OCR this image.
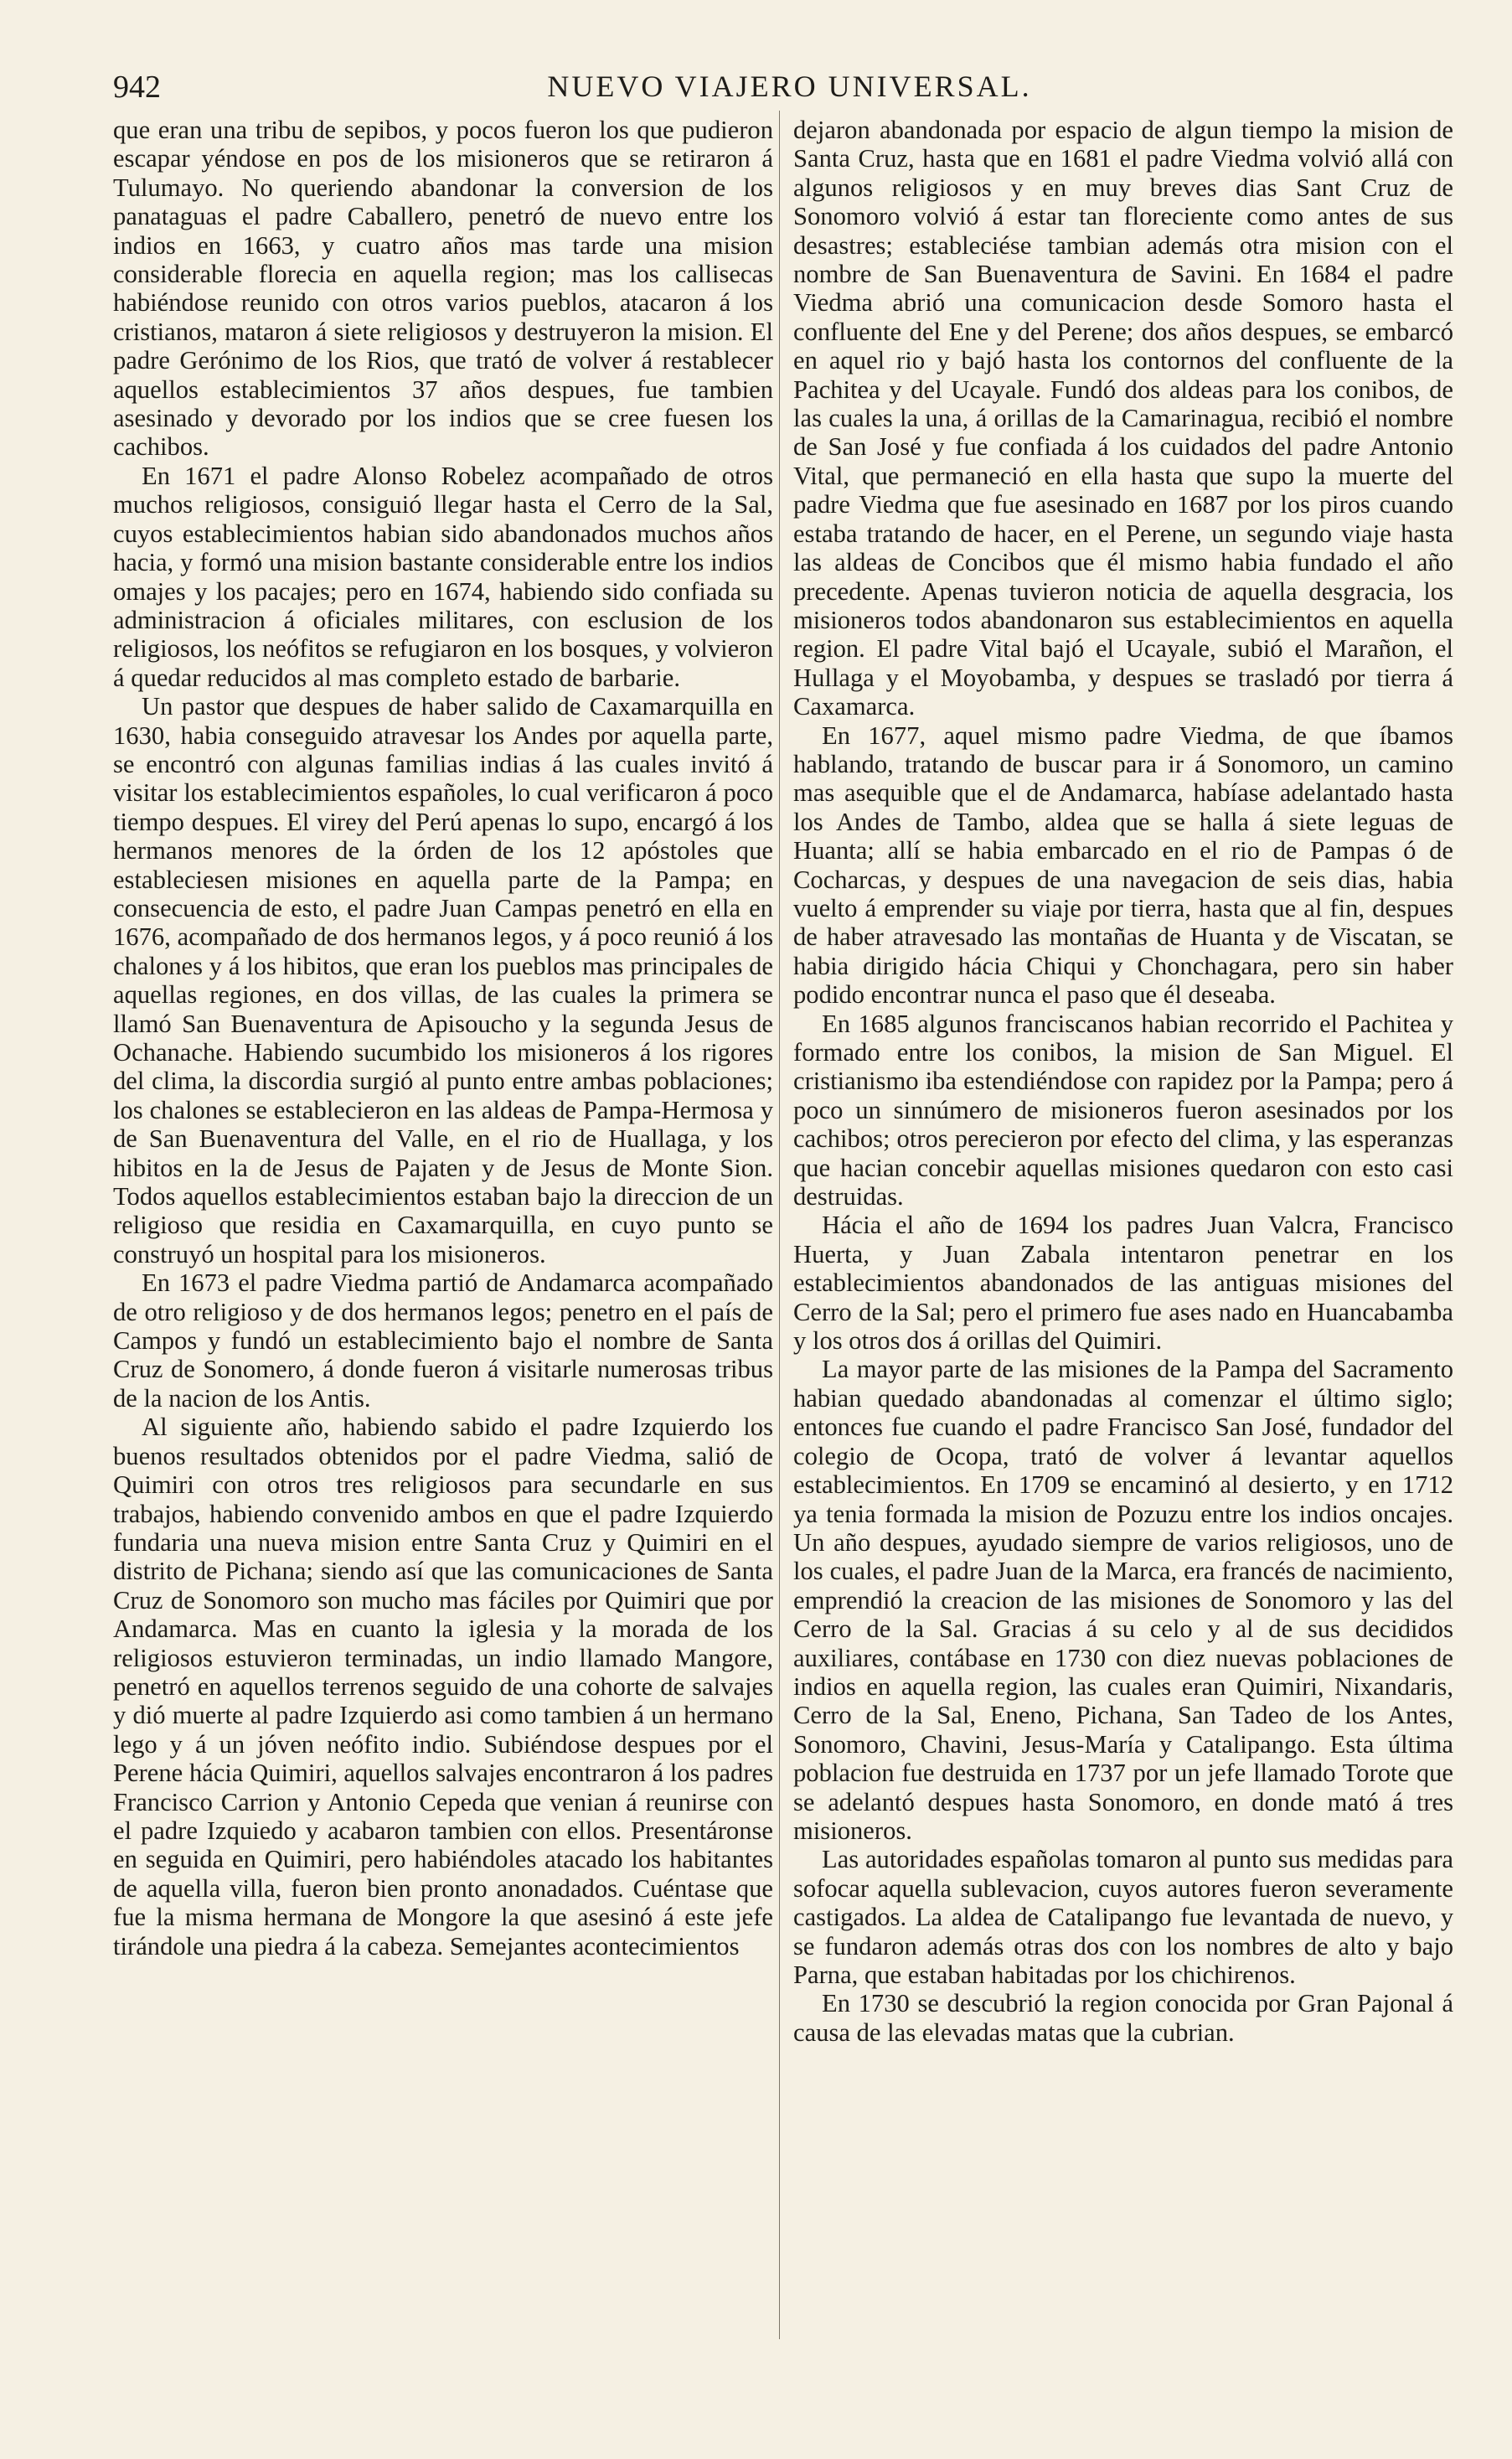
942	NUEVO VIAJERO UNIVERSAL.

que eran una tribu de sepibos, y pocos fueron los que pudieron escapar yéndose en pos de los misioneros que se retiraron á Tulumayo. No queriendo abandonar la conversion de los panataguas el padre Caballero, penetró de nuevo entre los indios en 1663, y cuatro años mas tarde una mision considerable florecia en aquella region; mas los callisecas habiéndose reunido con otros varios pueblos, atacaron á los cristianos, mataron á siete religiosos y destruyeron la mision. El padre Gerónimo de los Rios, que trató de volver á restablecer aquellos establecimientos 37 años despues, fue tambien asesinado y devorado por los indios que se cree fuesen los cachibos.

En 1671 el padre Alonso Robelez acompañado de otros muchos religiosos, consiguió llegar hasta el Cerro de la Sal, cuyos establecimientos habian sido abandonados muchos años hacia, y formó una mision bastante considerable entre los indios omajes y los pacajes; pero en 1674, habiendo sido confiada su administracion á oficiales militares, con esclusion de los religiosos, los neófitos se refugiaron en los bosques, y volvieron á quedar reducidos al mas completo estado de barbarie.

Un pastor que despues de haber salido de Caxamarquilla en 1630, habia conseguido atravesar los Andes por aquella parte, se encontró con algunas familias indias á las cuales invitó á visitar los establecimientos españoles, lo cual verificaron á poco tiempo despues. El virey del Perú apenas lo supo, encargó á los hermanos menores de la órden de los 12 apóstoles que estableciesen misiones en aquella parte de la Pampa; en consecuencia de esto, el padre Juan Campas penetró en ella en 1676, acompañado de dos hermanos legos, y á poco reunió á los chalones y á los hibitos, que eran los pueblos mas principales de aquellas regiones, en dos villas, de las cuales la primera se llamó San Buenaventura de Apisoucho y la segunda Jesus de Ochanache. Habiendo sucumbido los misioneros á los rigores del clima, la discordia surgió al punto entre ambas poblaciones; los chalones se establecieron en las aldeas de Pampa-Hermosa y de San Buenaventura del Valle, en el rio de Huallaga, y los hibitos en la de Jesus de Pajaten y de Jesus de Monte Sion. Todos aquellos establecimientos estaban bajo la direccion de un religioso que residia en Caxamarquilla, en cuyo punto se construyó un hospital para los misioneros.

En 1673 el padre Viedma partió de Andamarca acompañado de otro religioso y de dos hermanos legos; penetro en el país de Campos y fundó un establecimiento bajo el nombre de Santa Cruz de Sonomero, á donde fueron á visitarle numerosas tribus de la nacion de los Antis.

Al siguiente año, habiendo sabido el padre Izquierdo los buenos resultados obtenidos por el padre Viedma, salió de Quimiri con otros tres religiosos para secundarle en sus trabajos, habiendo convenido ambos en que el padre Izquierdo fundaria una nueva mision entre Santa Cruz y Quimiri en el distrito de Pichana; siendo así que las comunicaciones de Santa Cruz de Sonomoro son mucho mas fáciles por Quimiri que por Andamarca. Mas en cuanto la iglesia y la morada de los religiosos estuvieron terminadas, un indio llamado Mangore, penetró en aquellos terrenos seguido de una cohorte de salvajes y dió muerte al padre Izquierdo asi como tambien á un hermano lego y á un jóven neófito indio. Subiéndose despues por el Perene hácia Quimiri, aquellos salvajes encontraron á los padres Francisco Carrion y Antonio Cepeda que venian á reunirse con el padre Izquiedo y acabaron tambien con ellos. Presentáronse en seguida en Quimiri, pero habiéndoles atacado los habitantes de aquella villa, fueron bien pronto anonadados. Cuéntase que fue la misma hermana de Mongore la que asesinó á este jefe tirándole una piedra á la cabeza. Semejantes acontecimientos

dejaron abandonada por espacio de algun tiempo la mision de Santa Cruz, hasta que en 1681 el padre Viedma volvió allá con algunos religiosos y en muy breves dias Sant Cruz de Sonomoro volvió á estar tan floreciente como antes de sus desastres; estableciése tambian además otra mision con el nombre de San Buenaventura de Savini. En 1684 el padre Viedma abrió una comunicacion desde Somoro hasta el confluente del Ene y del Perene; dos años despues, se embarcó en aquel rio y bajó hasta los contornos del confluente de la Pachitea y del Ucayale. Fundó dos aldeas para los conibos, de las cuales la una, á orillas de la Camarinagua, recibió el nombre de San José y fue confiada á los cuidados del padre Antonio Vital, que permaneció en ella hasta que supo la muerte del padre Viedma que fue asesinado en 1687 por los piros cuando estaba tratando de hacer, en el Perene, un segundo viaje hasta las aldeas de Concibos que él mismo habia fundado el año precedente. Apenas tuvieron noticia de aquella desgracia, los misioneros todos abandonaron sus establecimientos en aquella region. El padre Vital bajó el Ucayale, subió el Marañon, el Hullaga y el Moyobamba, y despues se trasladó por tierra á Caxamarca.

En 1677, aquel mismo padre Viedma, de que íbamos hablando, tratando de buscar para ir á Sonomoro, un camino mas asequible que el de Andamarca, habíase adelantado hasta los Andes de Tambo, aldea que se halla á siete leguas de Huanta; allí se habia embarcado en el rio de Pampas ó de Cocharcas, y despues de una navegacion de seis dias, habia vuelto á emprender su viaje por tierra, hasta que al fin, despues de haber atravesado las montañas de Huanta y de Viscatan, se habia dirigido hácia Chiqui y Chonchagara, pero sin haber podido encontrar nunca el paso que él deseaba.

En 1685 algunos franciscanos habian recorrido el Pachitea y formado entre los conibos, la mision de San Miguel. El cristianismo iba estendiéndose con rapidez por la Pampa; pero á poco un sinnúmero de misioneros fueron asesinados por los cachibos; otros perecieron por efecto del clima, y las esperanzas que hacian concebir aquellas misiones quedaron con esto casi destruidas.

Hácia el año de 1694 los padres Juan Valcra, Francisco Huerta, y Juan Zabala intentaron penetrar en los establecimientos abandonados de las antiguas misiones del Cerro de la Sal; pero el primero fue ases nado en Huancabamba y los otros dos á orillas del Quimiri.

La mayor parte de las misiones de la Pampa del Sacramento habian quedado abandonadas al comenzar el último siglo; entonces fue cuando el padre Francisco San José, fundador del colegio de Ocopa, trató de volver á levantar aquellos establecimientos. En 1709 se encaminó al desierto, y en 1712 ya tenia formada la mision de Pozuzu entre los indios oncajes. Un año despues, ayudado siempre de varios religiosos, uno de los cuales, el padre Juan de la Marca, era francés de nacimiento, emprendió la creacion de las misiones de Sonomoro y las del Cerro de la Sal. Gracias á su celo y al de sus decididos auxiliares, contábase en 1730 con diez nuevas poblaciones de indios en aquella region, las cuales eran Quimiri, Nixandaris, Cerro de la Sal, Eneno, Pichana, San Tadeo de los Antes, Sonomoro, Chavini, Jesus-María y Catalipango. Esta última poblacion fue destruida en 1737 por un jefe llamado Torote que se adelantó despues hasta Sonomoro, en donde mató á tres misioneros.

Las autoridades españolas tomaron al punto sus medidas para sofocar aquella sublevacion, cuyos autores fueron severamente castigados. La aldea de Catalipango fue levantada de nuevo, y se fundaron además otras dos con los nombres de alto y bajo Parna, que estaban habitadas por los chichirenos.

En 1730 se descubrió la region conocida por Gran Pajonal á causa de las elevadas matas que la cubrian.
